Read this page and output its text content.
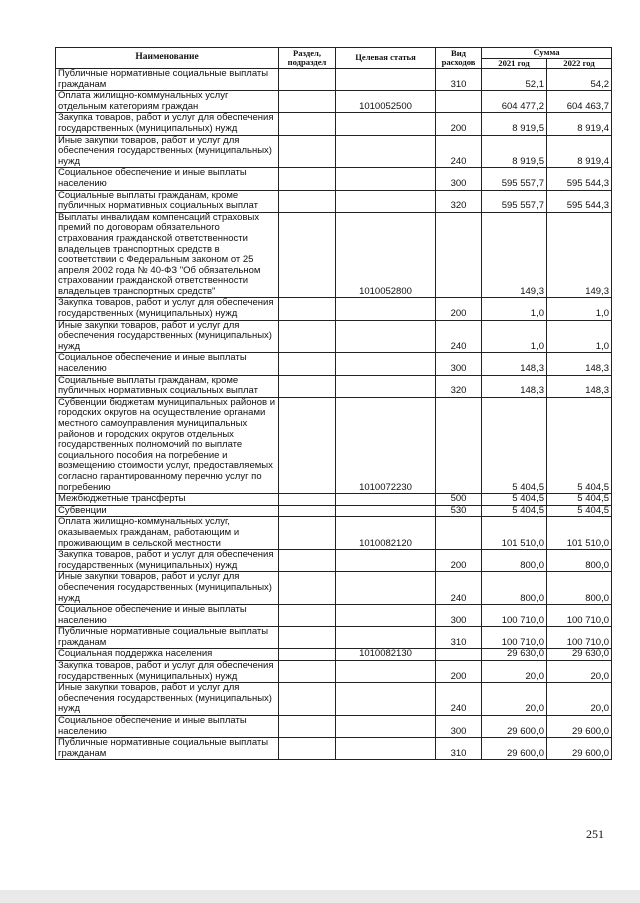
Наименование	Раздел, подраздел	Целевая статья	Вид расходов	Сумма	
				2021 год	2022 год
Публичные нормативные социальные выплаты гражданам			310	52,1	54,2
Оплата жилищно-коммунальных услуг отдельным категориям граждан		1010052500		604 477,2	604 463,7
Закупка товаров, работ и услуг для обеспечения государственных (муниципальных) нужд			200	8 919,5	8 919,4
Иные закупки товаров, работ и услуг для обеспечения государственных (муниципальных) нужд			240	8 919,5	8 919,4
Социальное обеспечение и иные выплаты населению			300	595 557,7	595 544,3
Социальные выплаты гражданам, кроме публичных нормативных социальных выплат			320	595 557,7	595 544,3
Выплаты инвалидам компенсаций страховых премий по договорам обязательного страхования гражданской ответственности владельцев транспортных средств в соответствии с Федеральным законом от 25 апреля 2002 года № 40-ФЗ "Об обязательном страховании гражданской ответственности владельцев транспортных средств"		1010052800		149,3	149,3
Закупка товаров, работ и услуг для обеспечения государственных (муниципальных) нужд			200	1,0	1,0
Иные закупки товаров, работ и услуг для обеспечения государственных (муниципальных) нужд			240	1,0	1,0
Социальное обеспечение и иные выплаты населению			300	148,3	148,3
Социальные выплаты гражданам, кроме публичных нормативных социальных выплат			320	148,3	148,3
Субвенции бюджетам муниципальных районов и городских округов на осуществление органами местного самоуправления муниципальных районов и городских округов отдельных государственных полномочий по выплате социального пособия на погребение и возмещению стоимости услуг, предоставляемых согласно гарантированному перечню услуг по погребению		1010072230		5 404,5	5 404,5
Межбюджетные трансферты			500	5 404,5	5 404,5
Субвенции			530	5 404,5	5 404,5
Оплата жилищно-коммунальных услуг, оказываемых гражданам, работающим и проживающим в сельской местности		1010082120		101 510,0	101 510,0
Закупка товаров, работ и услуг для обеспечения государственных (муниципальных) нужд			200	800,0	800,0
Иные закупки товаров, работ и услуг для обеспечения государственных (муниципальных) нужд			240	800,0	800,0
Социальное обеспечение и иные выплаты населению			300	100 710,0	100 710,0
Публичные нормативные социальные выплаты гражданам			310	100 710,0	100 710,0
Социальная поддержка населения		1010082130		29 630,0	29 630,0
Закупка товаров, работ и услуг для обеспечения государственных (муниципальных) нужд			200	20,0	20,0
Иные закупки товаров, работ и услуг для обеспечения государственных (муниципальных) нужд			240	20,0	20,0
Социальное обеспечение и иные выплаты населению			300	29 600,0	29 600,0
Публичные нормативные социальные выплаты гражданам			310	29 600,0	29 600,0
251
